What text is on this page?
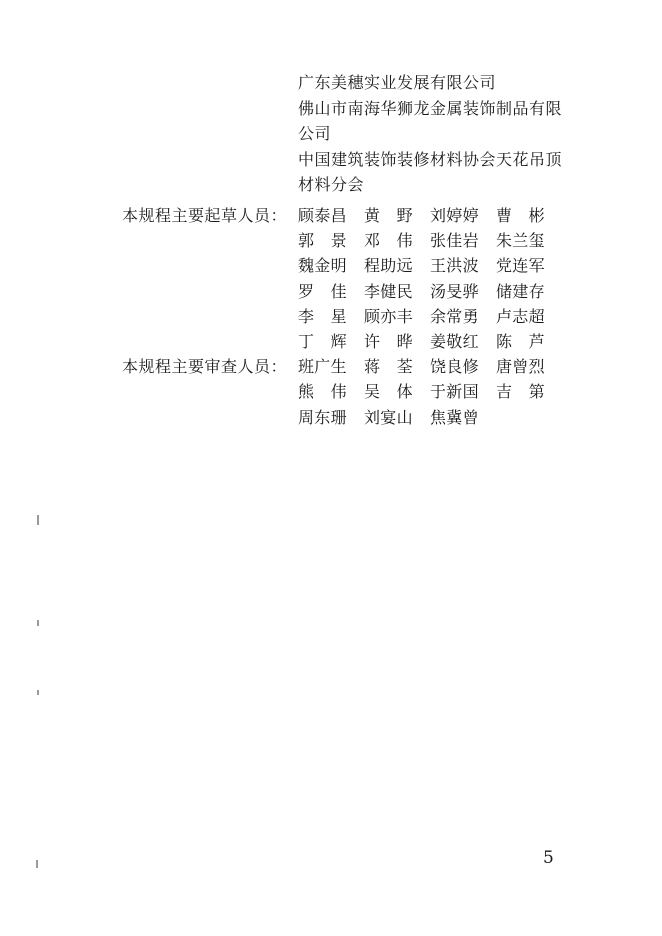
广东美穗实业发展有限公司
佛山市南海华狮龙金属装饰制品有限
公司
中国建筑装饰装修材料协会天花吊顶
材料分会
本规程主要起草人员： 顾泰昌	黄　野	刘婷婷	曹　彬
郭　景	邓　伟	张佳岩	朱兰玺
魏金明	程助远	王洪波	党连军
罗　佳	李健民	汤旻骅	储建存
李　星	顾亦丰	余常勇	卢志超
丁　辉	许　晔	姜敬红	陈　芦
本规程主要审查人员： 班广生	蒋　荃	饶良修	唐曾烈
熊　伟	吴　体	于新国	吉　第
周东珊	刘宴山	焦冀曾
5
